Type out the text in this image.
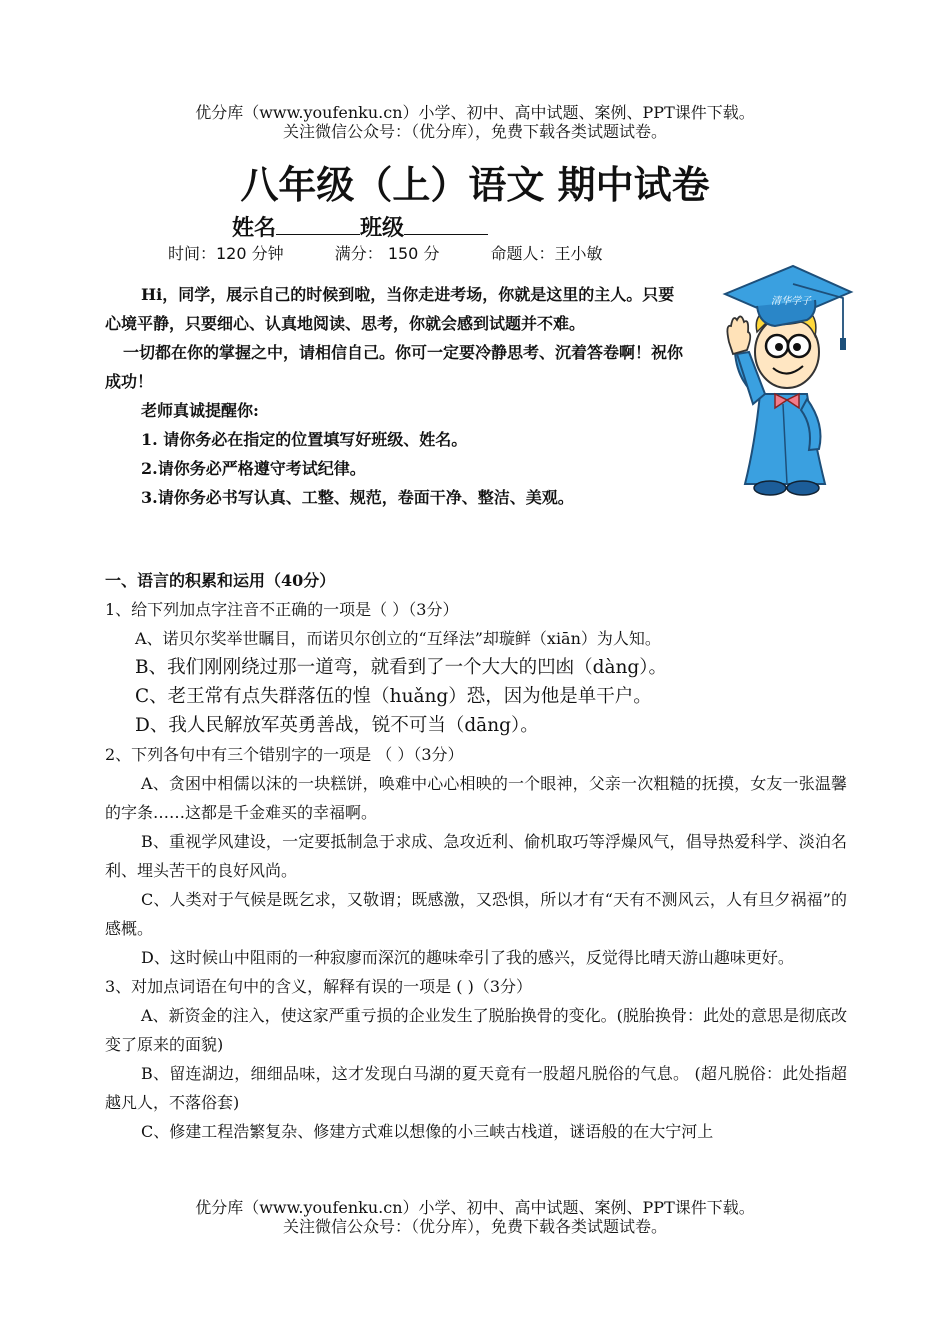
优分库（www.youfenku.cn）小学、初中、高中试题、案例、PPT课件下载。
关注微信公众号：（优分库），免费下载各类试题试卷。
八年级（上）语文 期中试卷
姓名	班级
时间：120 分钟	满分： 150 分	命题人：王小敏

Hi，同学，展示自己的时候到啦，当你走进考场，你就是这里的主人。只要心境平静，只要细心、认真地阅读、思考，你就会感到试题并不难。

一切都在你的掌握之中，请相信自己。你可一定要冷静思考、沉着答卷啊！祝你成功！

老师真诚提醒你:

1. 请你务必在指定的位置填写好班级、姓名。

2.请你务必严格遵守考试纪律。

3.请你务必书写认真、工整、规范，卷面干净、整洁、美观。

清华学子

一、语言的积累和运用（40分）

1、给下列加点字注音不正确的一项是（ ）（3分）

A、诺贝尔奖举世瞩目，而诺贝尔创立的“互绎法”却璇鲜（xiān）为人知。

B、我们刚刚绕过那一道弯，就看到了一个大大的凹凼（dàng）。

C、老王常有点失群落伍的惶（huǎng）恐，因为他是单干户。

D、我人民解放军英勇善战，锐不可当（dāng）。

2、下列各句中有三个错别字的一项是 （ ）（3分）

A、贪困中相儒以沫的一块糕饼，唤难中心心相映的一个眼神，父亲一次粗糙的抚摸，女友一张温馨的字条……这都是千金难买的幸福啊。

B、重视学风建设，一定要抵制急于求成、急攻近利、偷机取巧等浮燥风气，倡导热爱科学、淡泊名利、埋头苦干的良好风尚。

C、人类对于气候是既乞求，又敬谓；既感激，又恐惧，所以才有“天有不测风云，人有旦夕祸福”的感概。

D、这时候山中阻雨的一种寂廖而深沉的趣味牵引了我的感兴，反觉得比晴天游山趣味更好。

3、对加点词语在句中的含义，解释有误的一项是 ( )（3分）

A、新资金的注入，使这家严重亏损的企业发生了脱胎换骨的变化。(脱胎换骨：此处的意思是彻底改变了原来的面貌)

B、留连湖边，细细品味，这才发现白马湖的夏天竟有一股超凡脱俗的气息。 (超凡脱俗：此处指超越凡人，不落俗套)

C、修建工程浩繁复杂、修建方式难以想像的小三峡古栈道，谜语般的在大宁河上

优分库（www.youfenku.cn）小学、初中、高中试题、案例、PPT课件下载。
关注微信公众号：（优分库），免费下载各类试题试卷。
